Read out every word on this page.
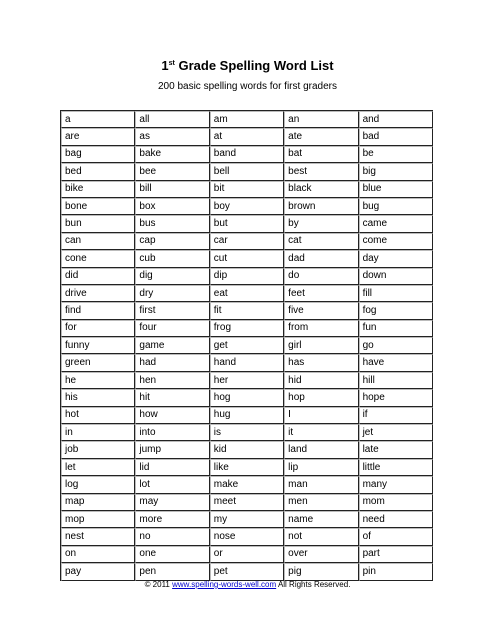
1st Grade Spelling Word List
200 basic spelling words for first graders
a	all	am	an	and
are	as	at	ate	bad
bag	bake	band	bat	be
bed	bee	bell	best	big
bike	bill	bit	black	blue
bone	box	boy	brown	bug
bun	bus	but	by	came
can	cap	car	cat	come
cone	cub	cut	dad	day
did	dig	dip	do	down
drive	dry	eat	feet	fill
find	first	fit	five	fog
for	four	frog	from	fun
funny	game	get	girl	go
green	had	hand	has	have
he	hen	her	hid	hill
his	hit	hog	hop	hope
hot	how	hug	I	if
in	into	is	it	jet
job	jump	kid	land	late
let	lid	like	lip	little
log	lot	make	man	many
map	may	meet	men	mom
mop	more	my	name	need
nest	no	nose	not	of
on	one	or	over	part
pay	pen	pet	pig	pin
© 2011 www.spelling-words-well.com All Rights Reserved.
